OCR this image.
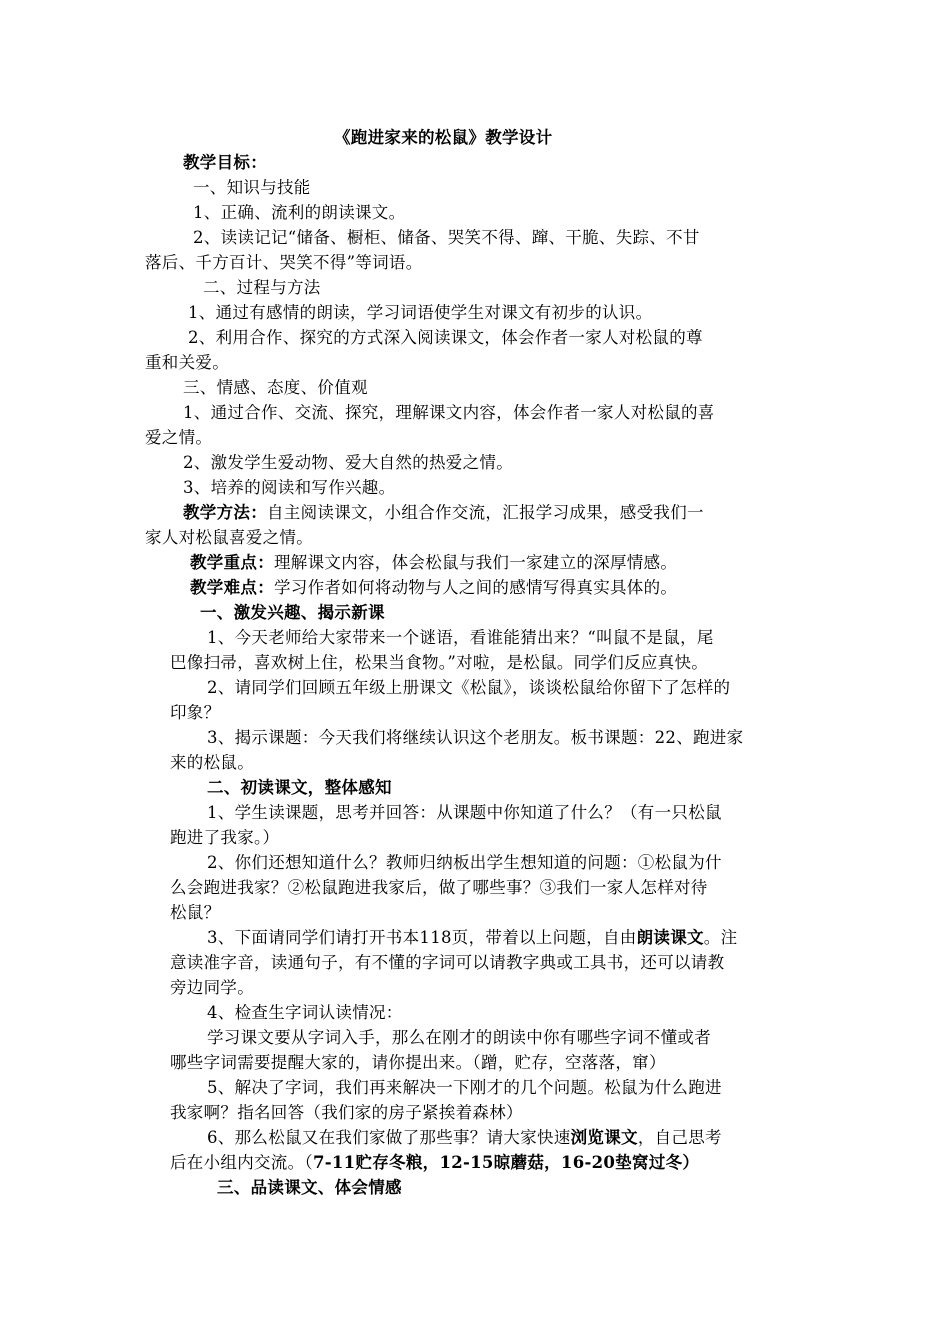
《跑进家来的松鼠》教学设计
教学目标：
一、知识与技能
1、正确、流利的朗读课文。
2、读读记记“储备、橱柜、储备、哭笑不得、蹿、干脆、失踪、不甘
落后、千方百计、哭笑不得”等词语。
二、过程与方法
1、通过有感情的朗读，学习词语使学生对课文有初步的认识。
2、利用合作、探究的方式深入阅读课文，体会作者一家人对松鼠的尊
重和关爱。
三、情感、态度、价值观
1、通过合作、交流、探究，理解课文内容，体会作者一家人对松鼠的喜
爱之情。
2、激发学生爱动物、爱大自然的热爱之情。
3、培养的阅读和写作兴趣。
教学方法：自主阅读课文，小组合作交流，汇报学习成果，感受我们一
家人对松鼠喜爱之情。
教学重点：理解课文内容，体会松鼠与我们一家建立的深厚情感。
教学难点：学习作者如何将动物与人之间的感情写得真实具体的。
一、激发兴趣、揭示新课
1、今天老师给大家带来一个谜语，看谁能猜出来？“叫鼠不是鼠，尾
巴像扫帚，喜欢树上住，松果当食物。”对啦，是松鼠。同学们反应真快。
2、请同学们回顾五年级上册课文《松鼠》，谈谈松鼠给你留下了怎样的
印象？
3、揭示课题：今天我们将继续认识这个老朋友。板书课题：22、跑进家
来的松鼠。
二、初读课文，整体感知
1、学生读课题，思考并回答：从课题中你知道了什么？（有一只松鼠
跑进了我家。）
2、你们还想知道什么？教师归纳板出学生想知道的问题：①松鼠为什
么会跑进我家？②松鼠跑进我家后，做了哪些事？③我们一家人怎样对待
松鼠？
3、下面请同学们请打开书本118页，带着以上问题，自由朗读课文。注
意读准字音，读通句子，有不懂的字词可以请教字典或工具书，还可以请教
旁边同学。
4、检查生字词认读情况：
学习课文要从字词入手，那么在刚才的朗读中你有哪些字词不懂或者
哪些字词需要提醒大家的，请你提出来。（蹭，贮存，空落落，窜）
5、解决了字词，我们再来解决一下刚才的几个问题。松鼠为什么跑进
我家啊？指名回答（我们家的房子紧挨着森林）
6、那么松鼠又在我们家做了那些事？请大家快速浏览课文，自己思考
后在小组内交流。（7-11贮存冬粮，12-15晾蘑菇，16-20垫窝过冬）
三、品读课文、体会情感
